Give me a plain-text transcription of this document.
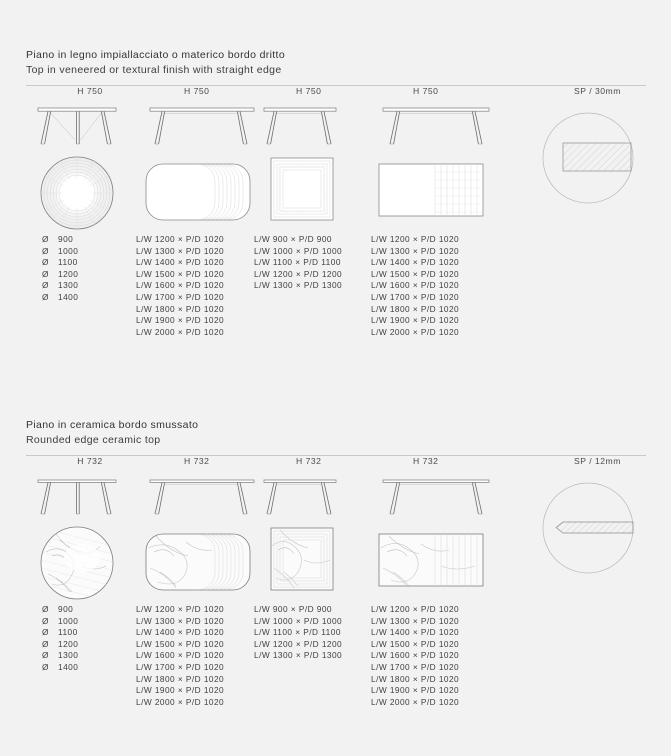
Piano in legno impiallacciato o materico bordo dritto
Top in veneered or textural finish with straight edge
H 750
Ø 900
Ø 1000
Ø 1100
Ø 1200
Ø 1300
Ø 1400
H 750
L/W 1200 × P/D 1020
L/W 1300 × P/D 1020
L/W 1400 × P/D 1020
L/W 1500 × P/D 1020
L/W 1600 × P/D 1020
L/W 1700 × P/D 1020
L/W 1800 × P/D 1020
L/W 1900 × P/D 1020
L/W 2000 × P/D 1020
H 750
L/W 900 × P/D 900
L/W 1000 × P/D 1000
L/W 1100 × P/D 1100
L/W 1200 × P/D 1200
L/W 1300 × P/D 1300
H 750
L/W 1200 × P/D 1020
L/W 1300 × P/D 1020
L/W 1400 × P/D 1020
L/W 1500 × P/D 1020
L/W 1600 × P/D 1020
L/W 1700 × P/D 1020
L/W 1800 × P/D 1020
L/W 1900 × P/D 1020
L/W 2000 × P/D 1020
SP / 30mm
Piano in ceramica bordo smussato
Rounded edge ceramic top
H 732
Ø 900
Ø 1000
Ø 1100
Ø 1200
Ø 1300
Ø 1400
H 732
L/W 1200 × P/D 1020
L/W 1300 × P/D 1020
L/W 1400 × P/D 1020
L/W 1500 × P/D 1020
L/W 1600 × P/D 1020
L/W 1700 × P/D 1020
L/W 1800 × P/D 1020
L/W 1900 × P/D 1020
L/W 2000 × P/D 1020
H 732
L/W 900 × P/D 900
L/W 1000 × P/D 1000
L/W 1100 × P/D 1100
L/W 1200 × P/D 1200
L/W 1300 × P/D 1300
H 732
L/W 1200 × P/D 1020
L/W 1300 × P/D 1020
L/W 1400 × P/D 1020
L/W 1500 × P/D 1020
L/W 1600 × P/D 1020
L/W 1700 × P/D 1020
L/W 1800 × P/D 1020
L/W 1900 × P/D 1020
L/W 2000 × P/D 1020
SP / 12mm
